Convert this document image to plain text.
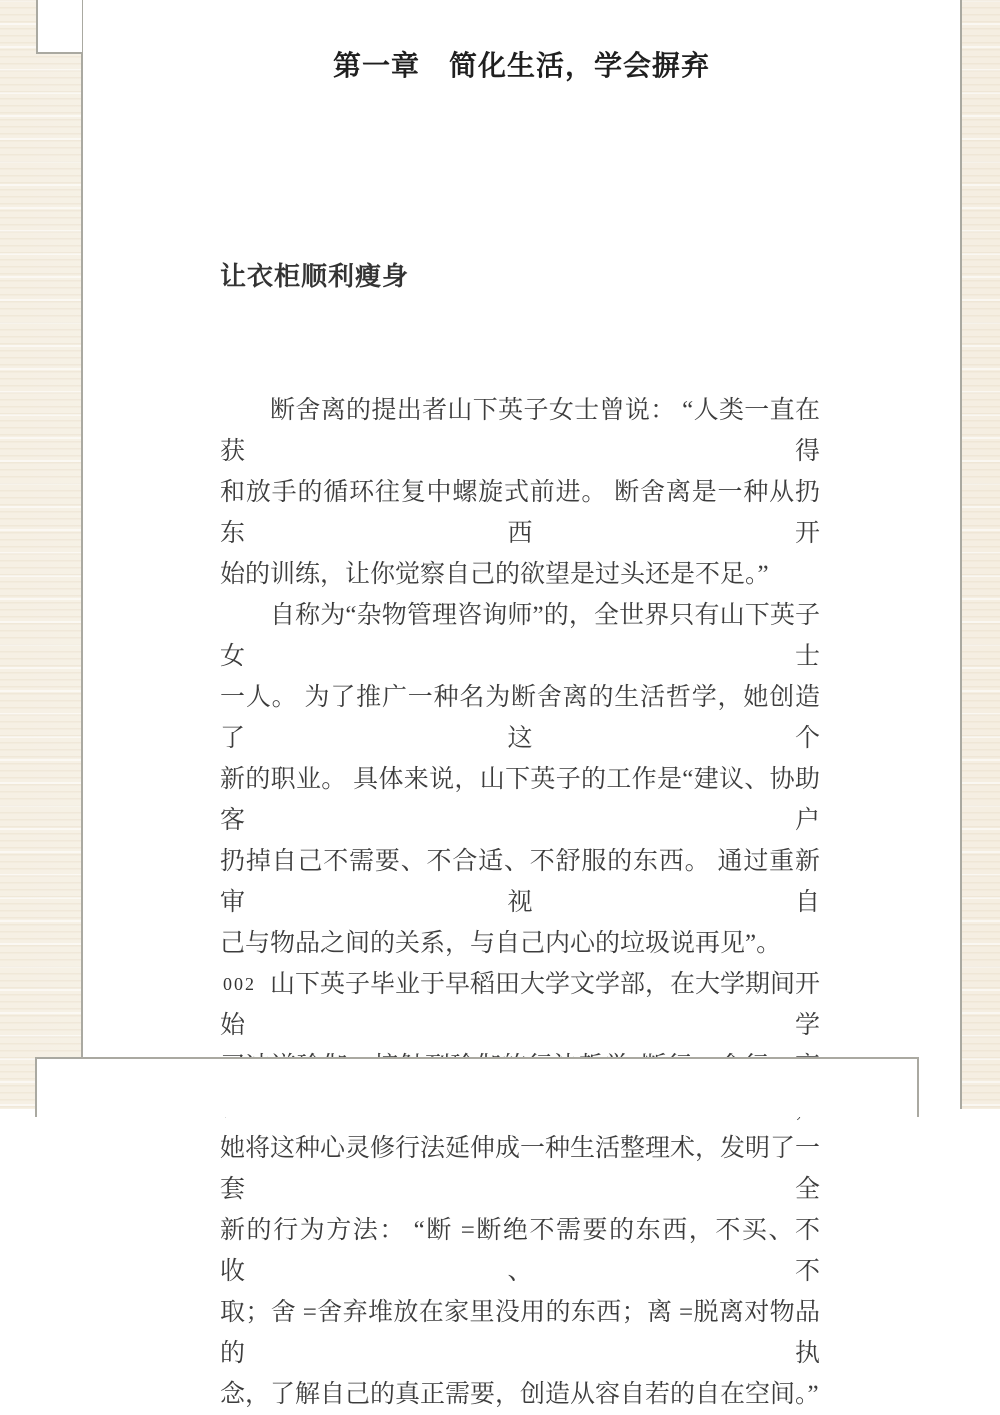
第一章　简化生活，学会摒弃
让衣柜顺利瘦身
断舍离的提出者山下英子女士曾说： “人类一直在获得
和放手的循环往复中螺旋式前进。 断舍离是一种从扔东西开
始的训练，让你觉察自己的欲望是过头还是不足。”
自称为“杂物管理咨询师”的，全世界只有山下英子女士
一人。 为了推广一种名为断舍离的生活哲学，她创造了这个
新的职业。 具体来说，山下英子的工作是“建议、协助客户
扔掉自己不需要、不合适、不舒服的东西。 通过重新审视自
己与物品之间的关系，与自己内心的垃圾说再见”。
山下英子毕业于早稻田大学文学部，在大学期间开始学
她将这种心灵修行法延伸成一种生活整理术，发明了一套全
新的行为方法： “断 =断绝不需要的东西，不买、不收、不
取；舍 =舍弃堆放在家里没用的东西；离 =脱离对物品的执
念，了解自己的真正需要，创造从容自若的自在空间。”
002
